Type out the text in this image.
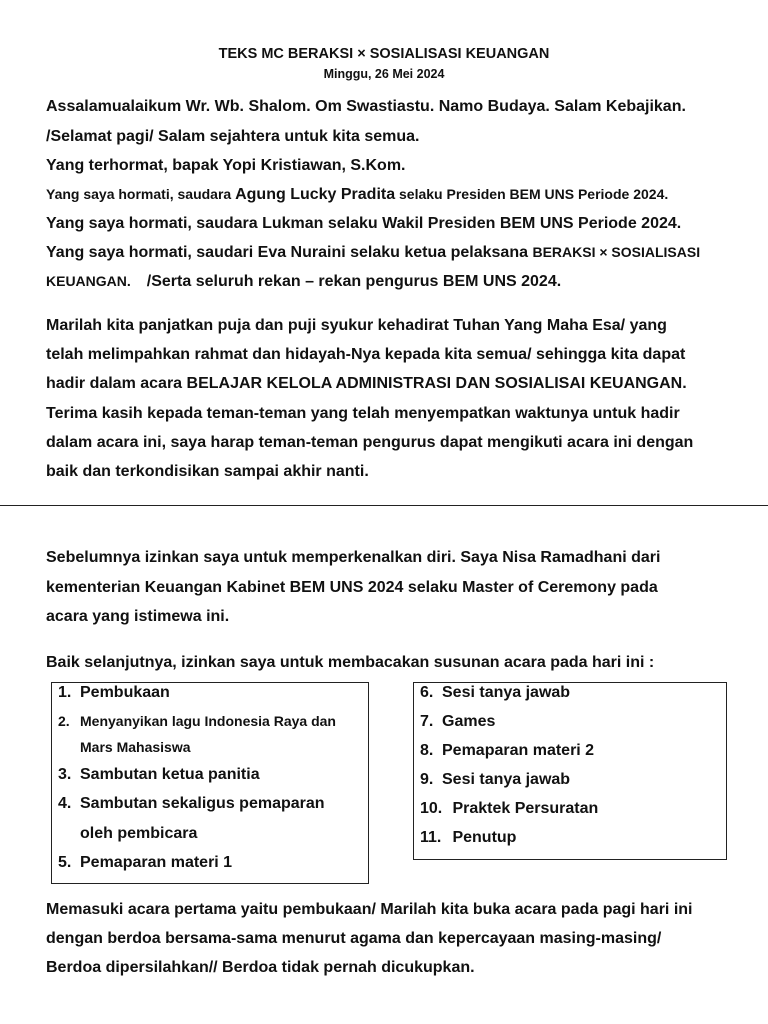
TEKS MC BERAKSI × SOSIALISASI KEUANGAN
Minggu, 26 Mei 2024
Assalamualaikum Wr. Wb. Shalom. Om Swastiastu. Namo Budaya. Salam Kebajikan.
/Selamat pagi/ Salam sejahtera untuk kita semua.
Yang terhormat, bapak Yopi Kristiawan, S.Kom.
Yang saya hormati, saudara Agung Lucky Pradita selaku Presiden BEM UNS Periode 2024.
Yang saya hormati, saudara Lukman selaku Wakil Presiden BEM UNS Periode 2024.
Yang saya hormati, saudari Eva Nuraini selaku ketua pelaksana BERAKSI × SOSIALISASI
KEUANGAN. /Serta seluruh rekan – rekan pengurus BEM UNS 2024.
Marilah kita panjatkan puja dan puji syukur kehadirat Tuhan Yang Maha Esa/ yang
telah melimpahkan rahmat dan hidayah-Nya kepada kita semua/ sehingga kita dapat
hadir dalam acara BELAJAR KELOLA ADMINISTRASI DAN SOSIALISAI KEUANGAN.
Terima kasih kepada teman-teman yang telah menyempatkan waktunya untuk hadir
dalam acara ini, saya harap teman-teman pengurus dapat mengikuti acara ini dengan
baik dan terkondisikan sampai akhir nanti.
Sebelumnya izinkan saya untuk memperkenalkan diri. Saya Nisa Ramadhani dari
kementerian Keuangan Kabinet BEM UNS 2024 selaku Master of Ceremony pada
acara yang istimewa ini.
Baik selanjutnya, izinkan saya untuk membacakan susunan acara pada hari ini :
1. Pembukaan
2. Menyanyikan lagu Indonesia Raya dan
Mars Mahasiswa
3. Sambutan ketua panitia
4. Sambutan sekaligus pemaparan
oleh pembicara
5. Pemaparan materi 1
6. Sesi tanya jawab
7. Games
8. Pemaparan materi 2
9. Sesi tanya jawab
10. Praktek Persuratan
11. Penutup
Memasuki acara pertama yaitu pembukaan/ Marilah kita buka acara pada pagi hari ini
dengan berdoa bersama-sama menurut agama dan kepercayaan masing-masing/
Berdoa dipersilahkan// Berdoa tidak pernah dicukupkan.
